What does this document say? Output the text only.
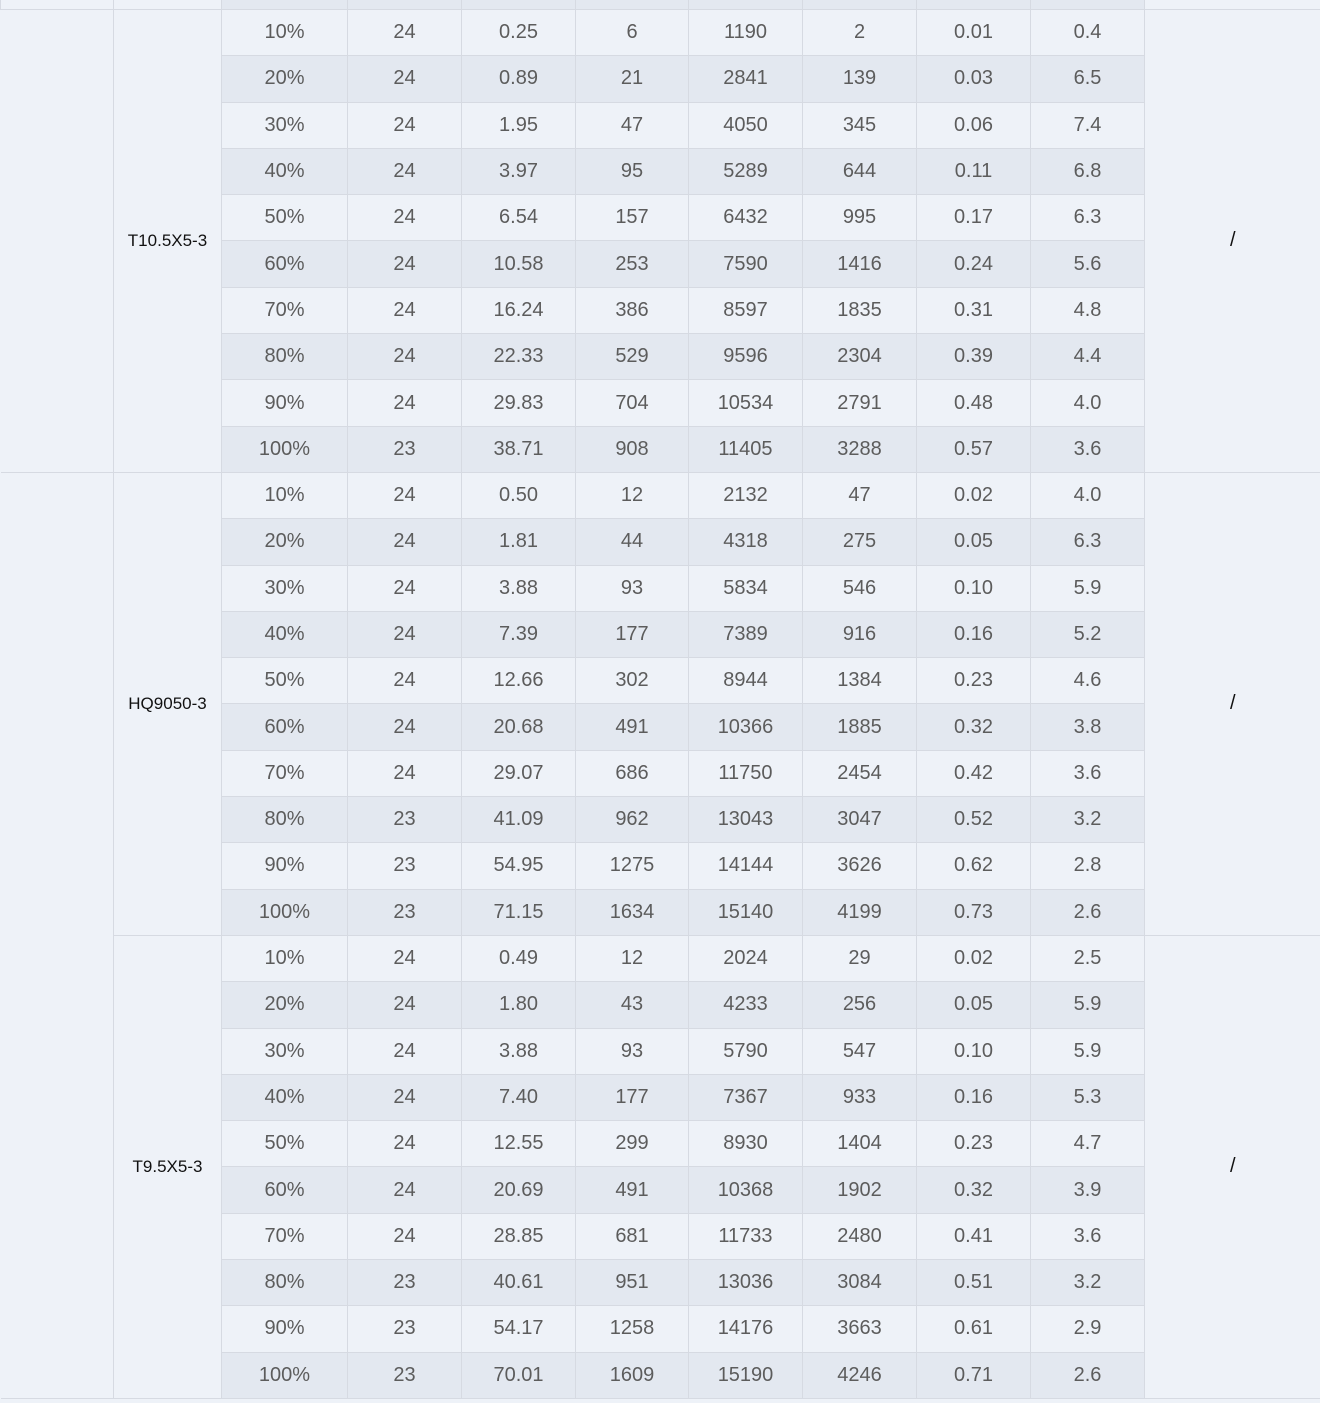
	T10.5X5-3	10%	24	0.25	6	1190	2	0.01	0.4	/
		20%	24	0.89	21	2841	139	0.03	6.5	
		30%	24	1.95	47	4050	345	0.06	7.4	
		40%	24	3.97	95	5289	644	0.11	6.8	
		50%	24	6.54	157	6432	995	0.17	6.3	
		60%	24	10.58	253	7590	1416	0.24	5.6	
		70%	24	16.24	386	8597	1835	0.31	4.8	
		80%	24	22.33	529	9596	2304	0.39	4.4	
		90%	24	29.83	704	10534	2791	0.48	4.0	
		100%	23	38.71	908	11405	3288	0.57	3.6	
	HQ9050-3	10%	24	0.50	12	2132	47	0.02	4.0	/
		20%	24	1.81	44	4318	275	0.05	6.3	
		30%	24	3.88	93	5834	546	0.10	5.9	
		40%	24	7.39	177	7389	916	0.16	5.2	
		50%	24	12.66	302	8944	1384	0.23	4.6	
		60%	24	20.68	491	10366	1885	0.32	3.8	
		70%	24	29.07	686	11750	2454	0.42	3.6	
		80%	23	41.09	962	13043	3047	0.52	3.2	
		90%	23	54.95	1275	14144	3626	0.62	2.8	
		100%	23	71.15	1634	15140	4199	0.73	2.6	
	T9.5X5-3	10%	24	0.49	12	2024	29	0.02	2.5	/
		20%	24	1.80	43	4233	256	0.05	5.9	
		30%	24	3.88	93	5790	547	0.10	5.9	
		40%	24	7.40	177	7367	933	0.16	5.3	
		50%	24	12.55	299	8930	1404	0.23	4.7	
		60%	24	20.69	491	10368	1902	0.32	3.9	
		70%	24	28.85	681	11733	2480	0.41	3.6	
		80%	23	40.61	951	13036	3084	0.51	3.2	
		90%	23	54.17	1258	14176	3663	0.61	2.9	
		100%	23	70.01	1609	15190	4246	0.71	2.6	
